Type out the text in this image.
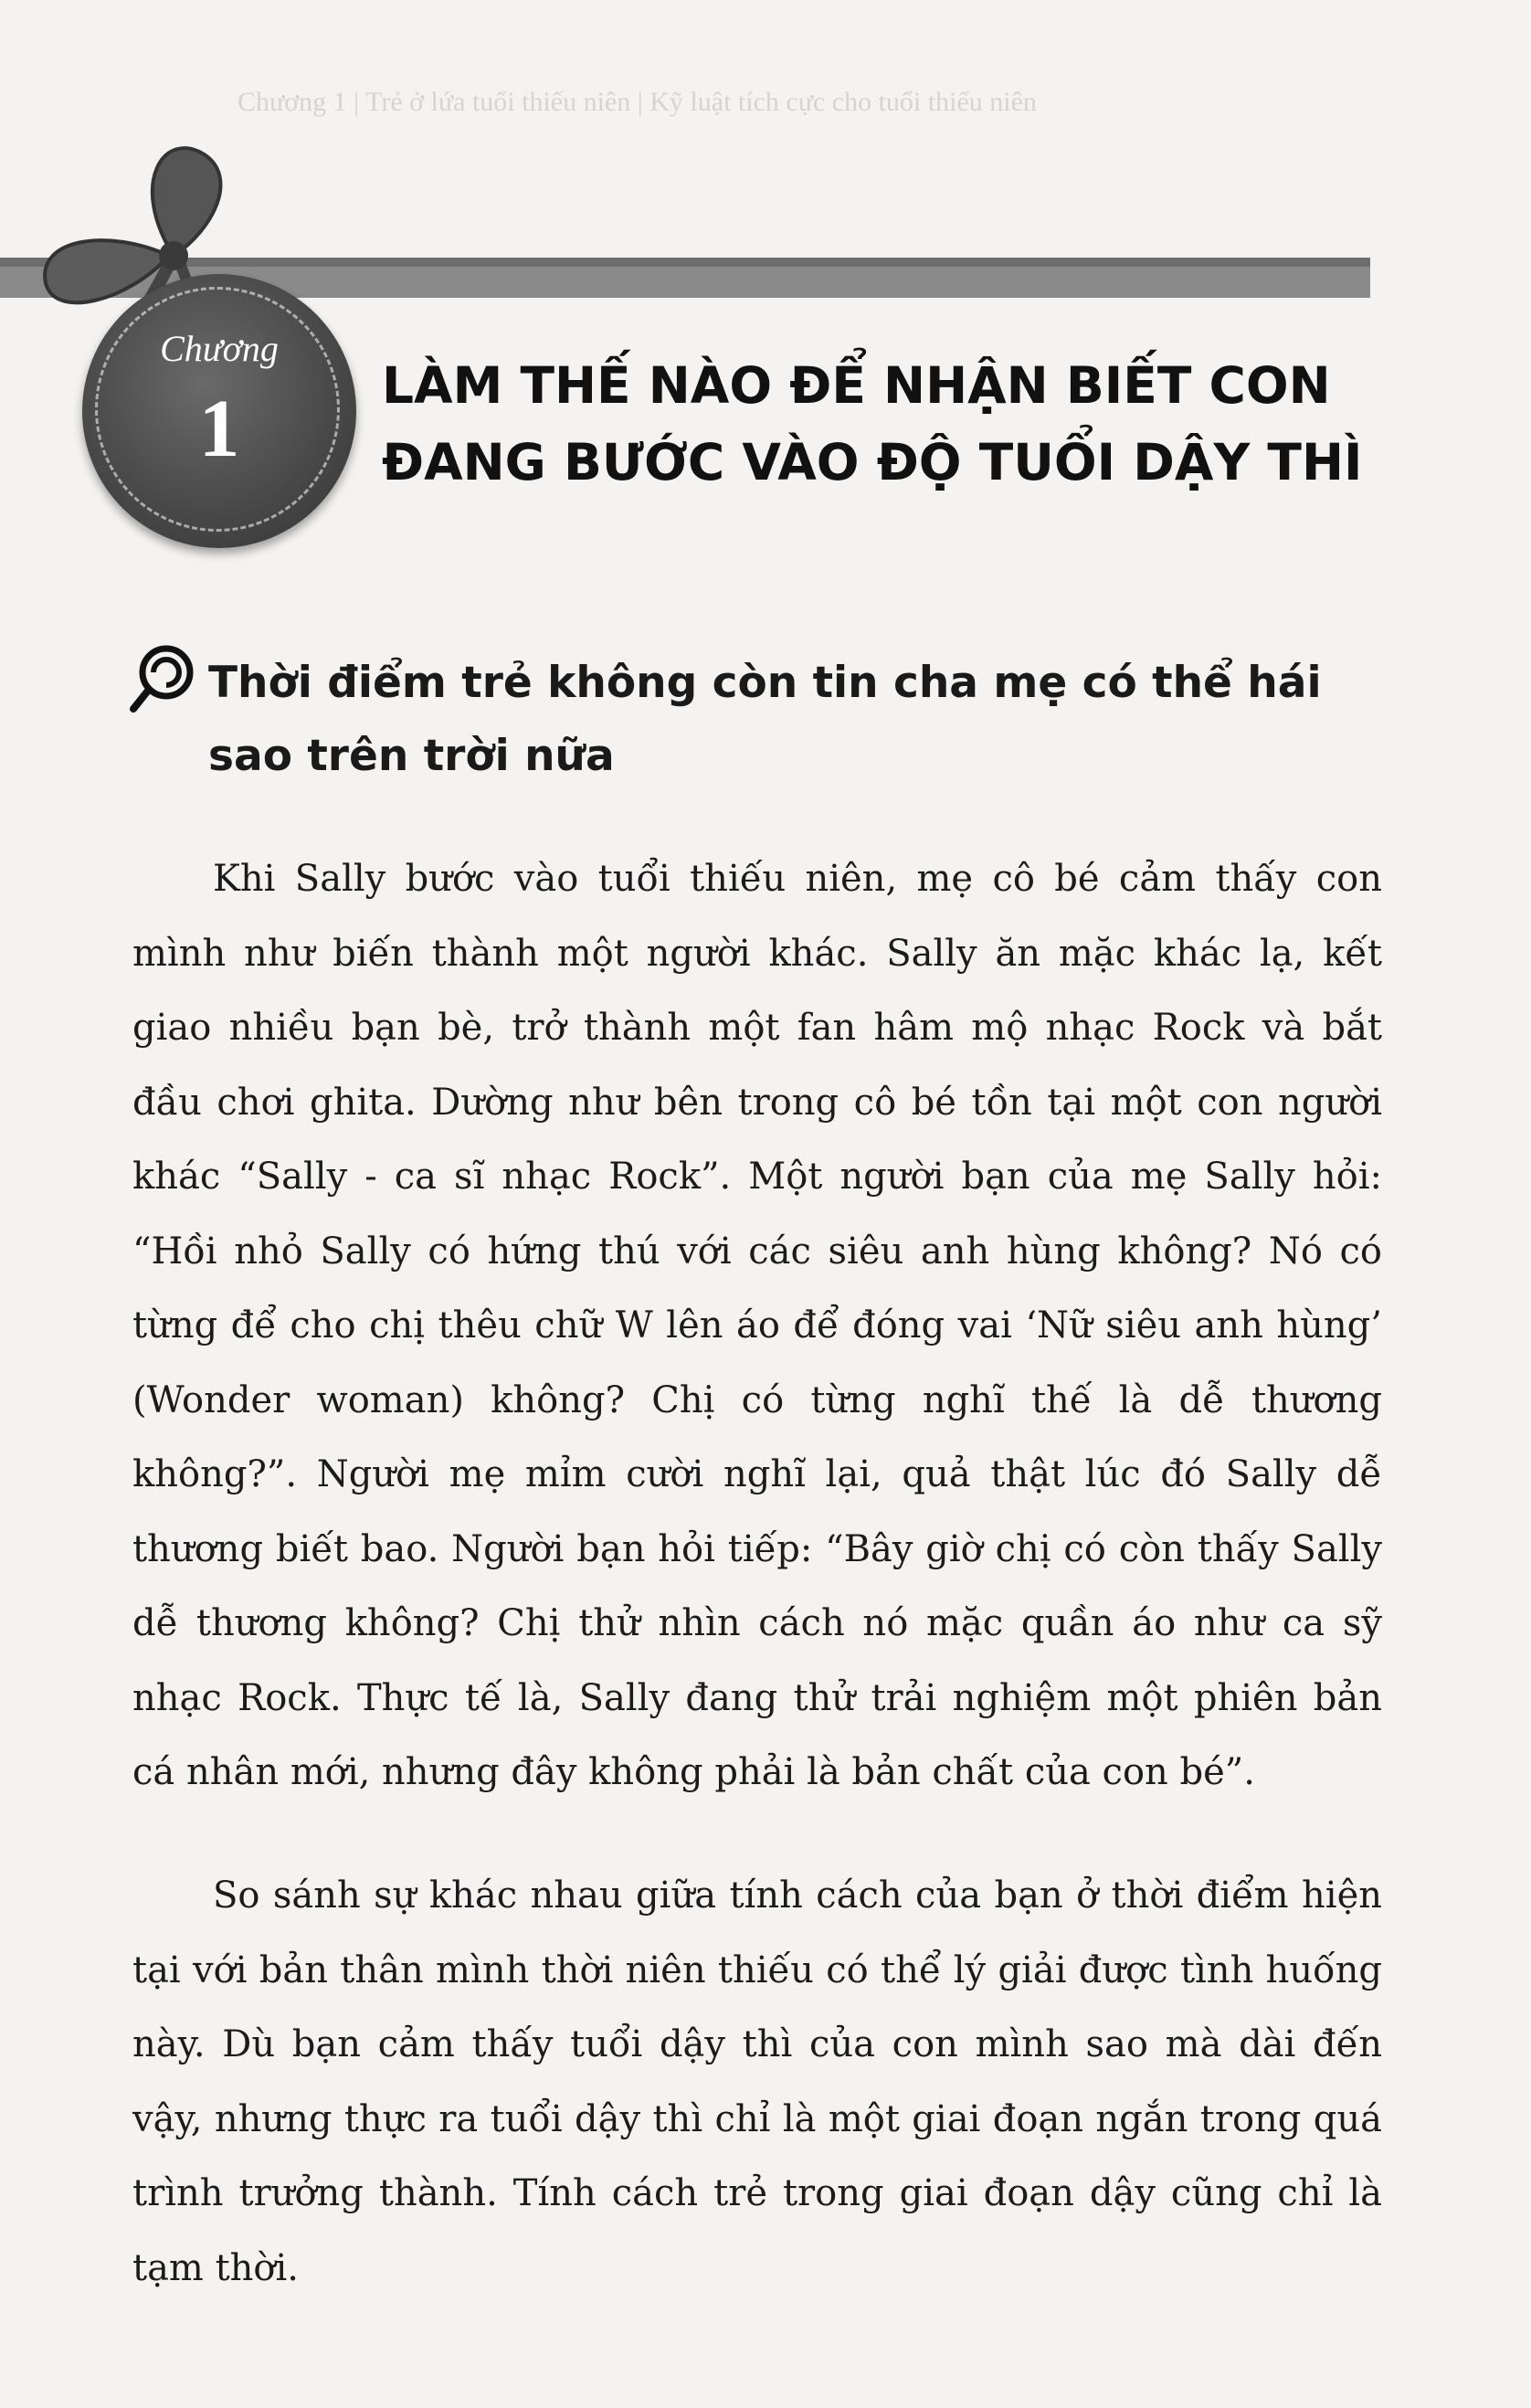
Chương 1 | Trẻ ở lứa tuổi thiếu niên | Kỹ luật tích cực cho tuổi thiếu niên
Chương
1	LÀM THẾ NÀO ĐỂ NHẬN BIẾT CON
ĐANG BƯỚC VÀO ĐỘ TUỔI DẬY THÌ
Thời điểm trẻ không còn tin cha mẹ có thể hái
sao trên trời nữa

Khi Sally bước vào tuổi thiếu niên, mẹ cô bé cảm thấy con mình như biến thành một người khác. Sally ăn mặc khác lạ, kết giao nhiều bạn bè, trở thành một fan hâm mộ nhạc Rock và bắt đầu chơi ghita. Dường như bên trong cô bé tồn tại một con người khác “Sally - ca sĩ nhạc Rock”. Một người bạn của mẹ Sally hỏi: “Hồi nhỏ Sally có hứng thú với các siêu anh hùng không? Nó có từng để cho chị thêu chữ W lên áo để đóng vai ‘Nữ siêu anh hùng’ (Wonder woman) không? Chị có từng nghĩ thế là dễ thương không?”. Người mẹ mỉm cười nghĩ lại, quả thật lúc đó Sally dễ thương biết bao. Người bạn hỏi tiếp: “Bây giờ chị có còn thấy Sally dễ thương không? Chị thử nhìn cách nó mặc quần áo như ca sỹ nhạc Rock. Thực tế là, Sally đang thử trải nghiệm một phiên bản cá nhân mới, nhưng đây không phải là bản chất của con bé”.

So sánh sự khác nhau giữa tính cách của bạn ở thời điểm hiện tại với bản thân mình thời niên thiếu có thể lý giải được tình huống này. Dù bạn cảm thấy tuổi dậy thì của con mình sao mà dài đến vậy, nhưng thực ra tuổi dậy thì chỉ là một giai đoạn ngắn trong quá trình trưởng thành. Tính cách trẻ trong giai đoạn dậy cũng chỉ là tạm thời.
